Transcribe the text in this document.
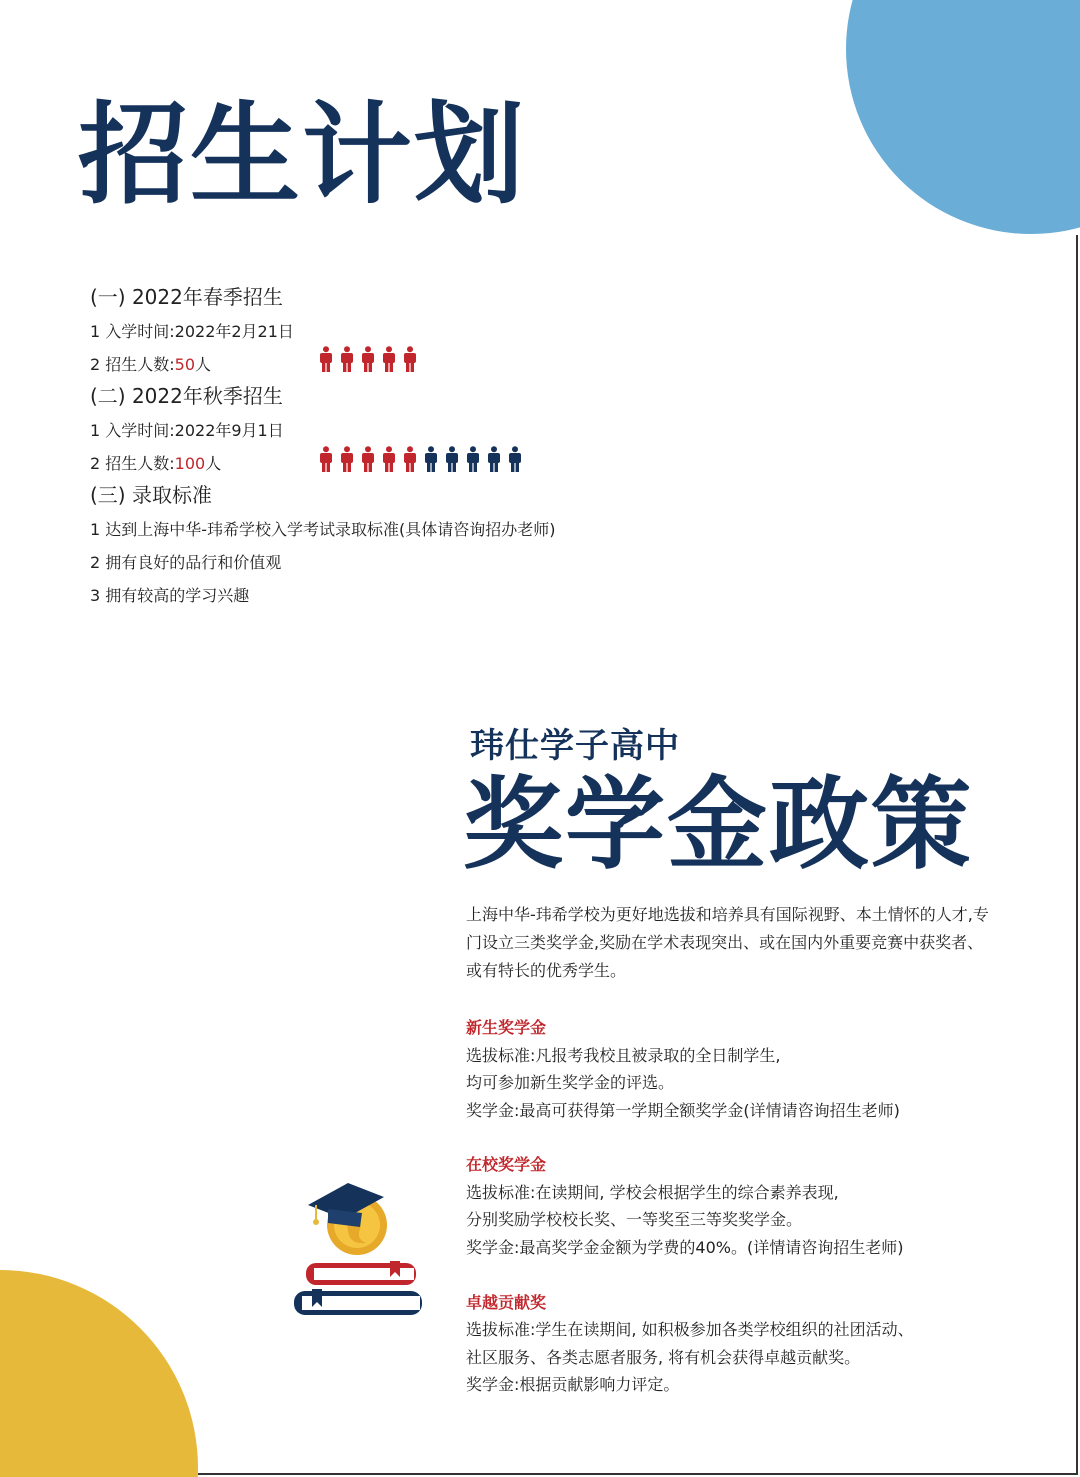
招生计划
(一) 2022年春季招生
1 入学时间:2022年2月21日
2 招生人数:50人
(二) 2022年秋季招生
1 入学时间:2022年9月1日
2 招生人数:100人
(三) 录取标准
1 达到上海中华-玮希学校入学考试录取标准(具体请咨询招办老师)
2 拥有良好的品行和价值观
3 拥有较高的学习兴趣
玮仕学子高中
奖学金政策
上海中华-玮希学校为更好地选拔和培养具有国际视野、本土情怀的人才,专门设立三类奖学金,奖励在学术表现突出、或在国内外重要竞赛中获奖者、或有特长的优秀学生。
新生奖学金
选拔标准:凡报考我校且被录取的全日制学生,
均可参加新生奖学金的评选。
奖学金:最高可获得第一学期全额奖学金(详情请咨询招生老师)
在校奖学金
选拔标准:在读期间, 学校会根据学生的综合素养表现,
分别奖励学校校长奖、一等奖至三等奖奖学金。
奖学金:最高奖学金金额为学费的40%。(详情请咨询招生老师)
卓越贡献奖
选拔标准:学生在读期间, 如积极参加各类学校组织的社团活动、
社区服务、各类志愿者服务, 将有机会获得卓越贡献奖。
奖学金:根据贡献影响力评定。
